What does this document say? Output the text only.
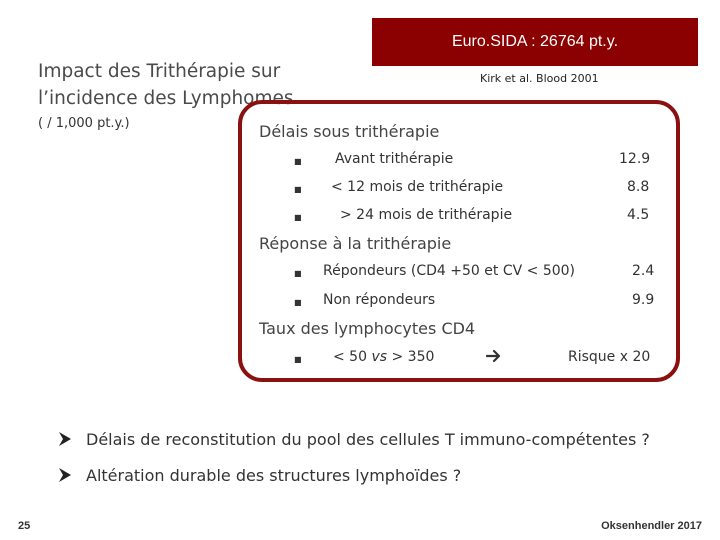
Euro.SIDA : 26764 pt.y.
Impact des Trithérapie sur
l’incidence des Lymphomes
( / 1,000 pt.y.)
Kirk et al. Blood 2001
Délais sous trithérapie
■ Avant trithérapie	12.9
■ < 12 mois de trithérapie	8.8
■	> 24 mois de trithérapie	4.5
Réponse à la trithérapie
■ Répondeurs (CD4 +50 et CV < 500)	2.4
■ Non répondeurs	9.9
Taux des lymphocytes CD4
■ < 50 vs > 350	Risque x 20
Délais de reconstitution du pool des cellules T immuno-compétentes ?
Altération durable des structures lymphoïdes ?
25	Oksenhendler 2017
